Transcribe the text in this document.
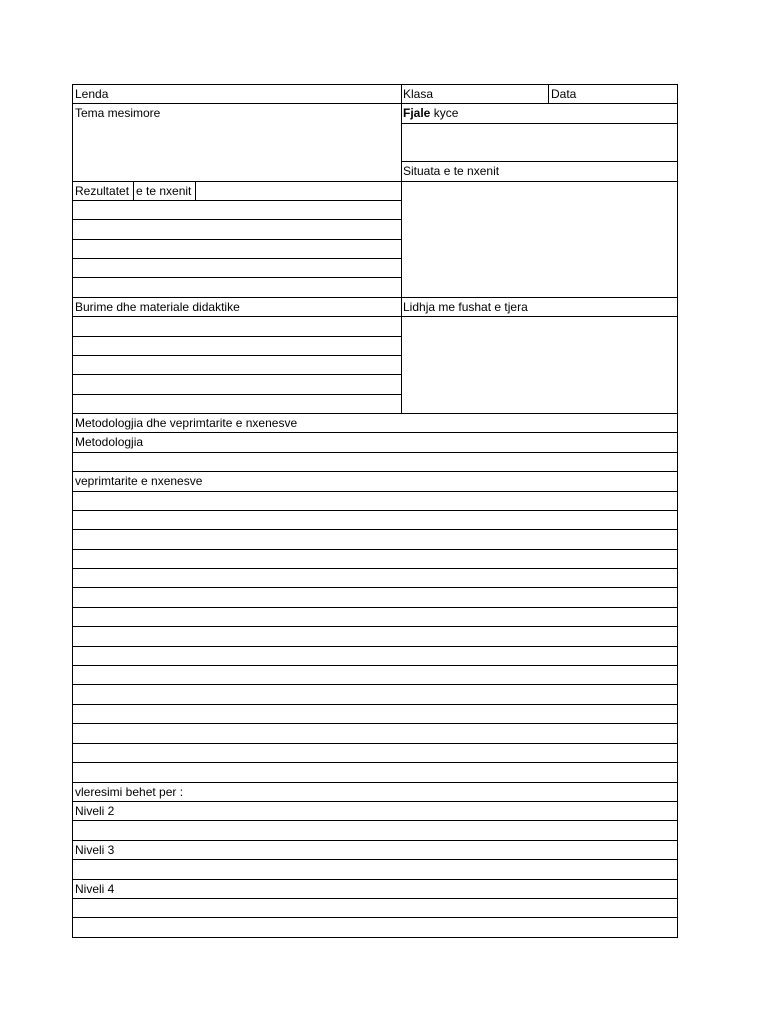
Lenda	Klasa	Data
Tema mesimore	Fjale kyce
Situata e te nxenit
Rezultatet e te nxenit
Burime dhe materiale didaktike	Lidhja me fushat e tjera
Metodologjia dhe veprimtarite e nxenesve
Metodologjia
veprimtarite e nxenesve
vleresimi behet per :
Niveli 2
Niveli 3
Niveli 4
